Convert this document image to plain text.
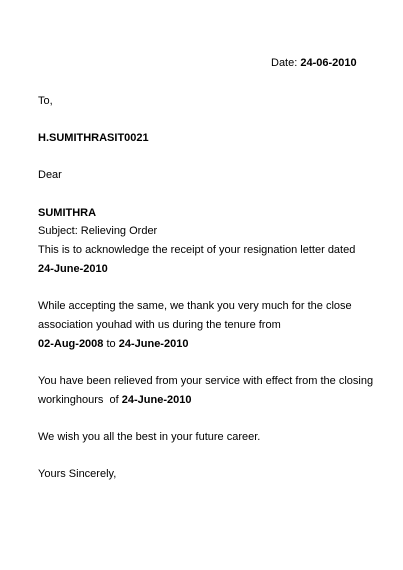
Date: 24-06-2010
To,
H.SUMITHRASIT0021
Dear
SUMITHRA
Subject: Relieving Order
This is to acknowledge the receipt of your resignation letter dated
24-June-2010
While accepting the same, we thank you very much for the close
association youhad with us during the tenure from
02-Aug-2008 to 24-June-2010
You have been relieved from your service with effect from the closing
workinghours  of 24-June-2010
We wish you all the best in your future career.
Yours Sincerely,
